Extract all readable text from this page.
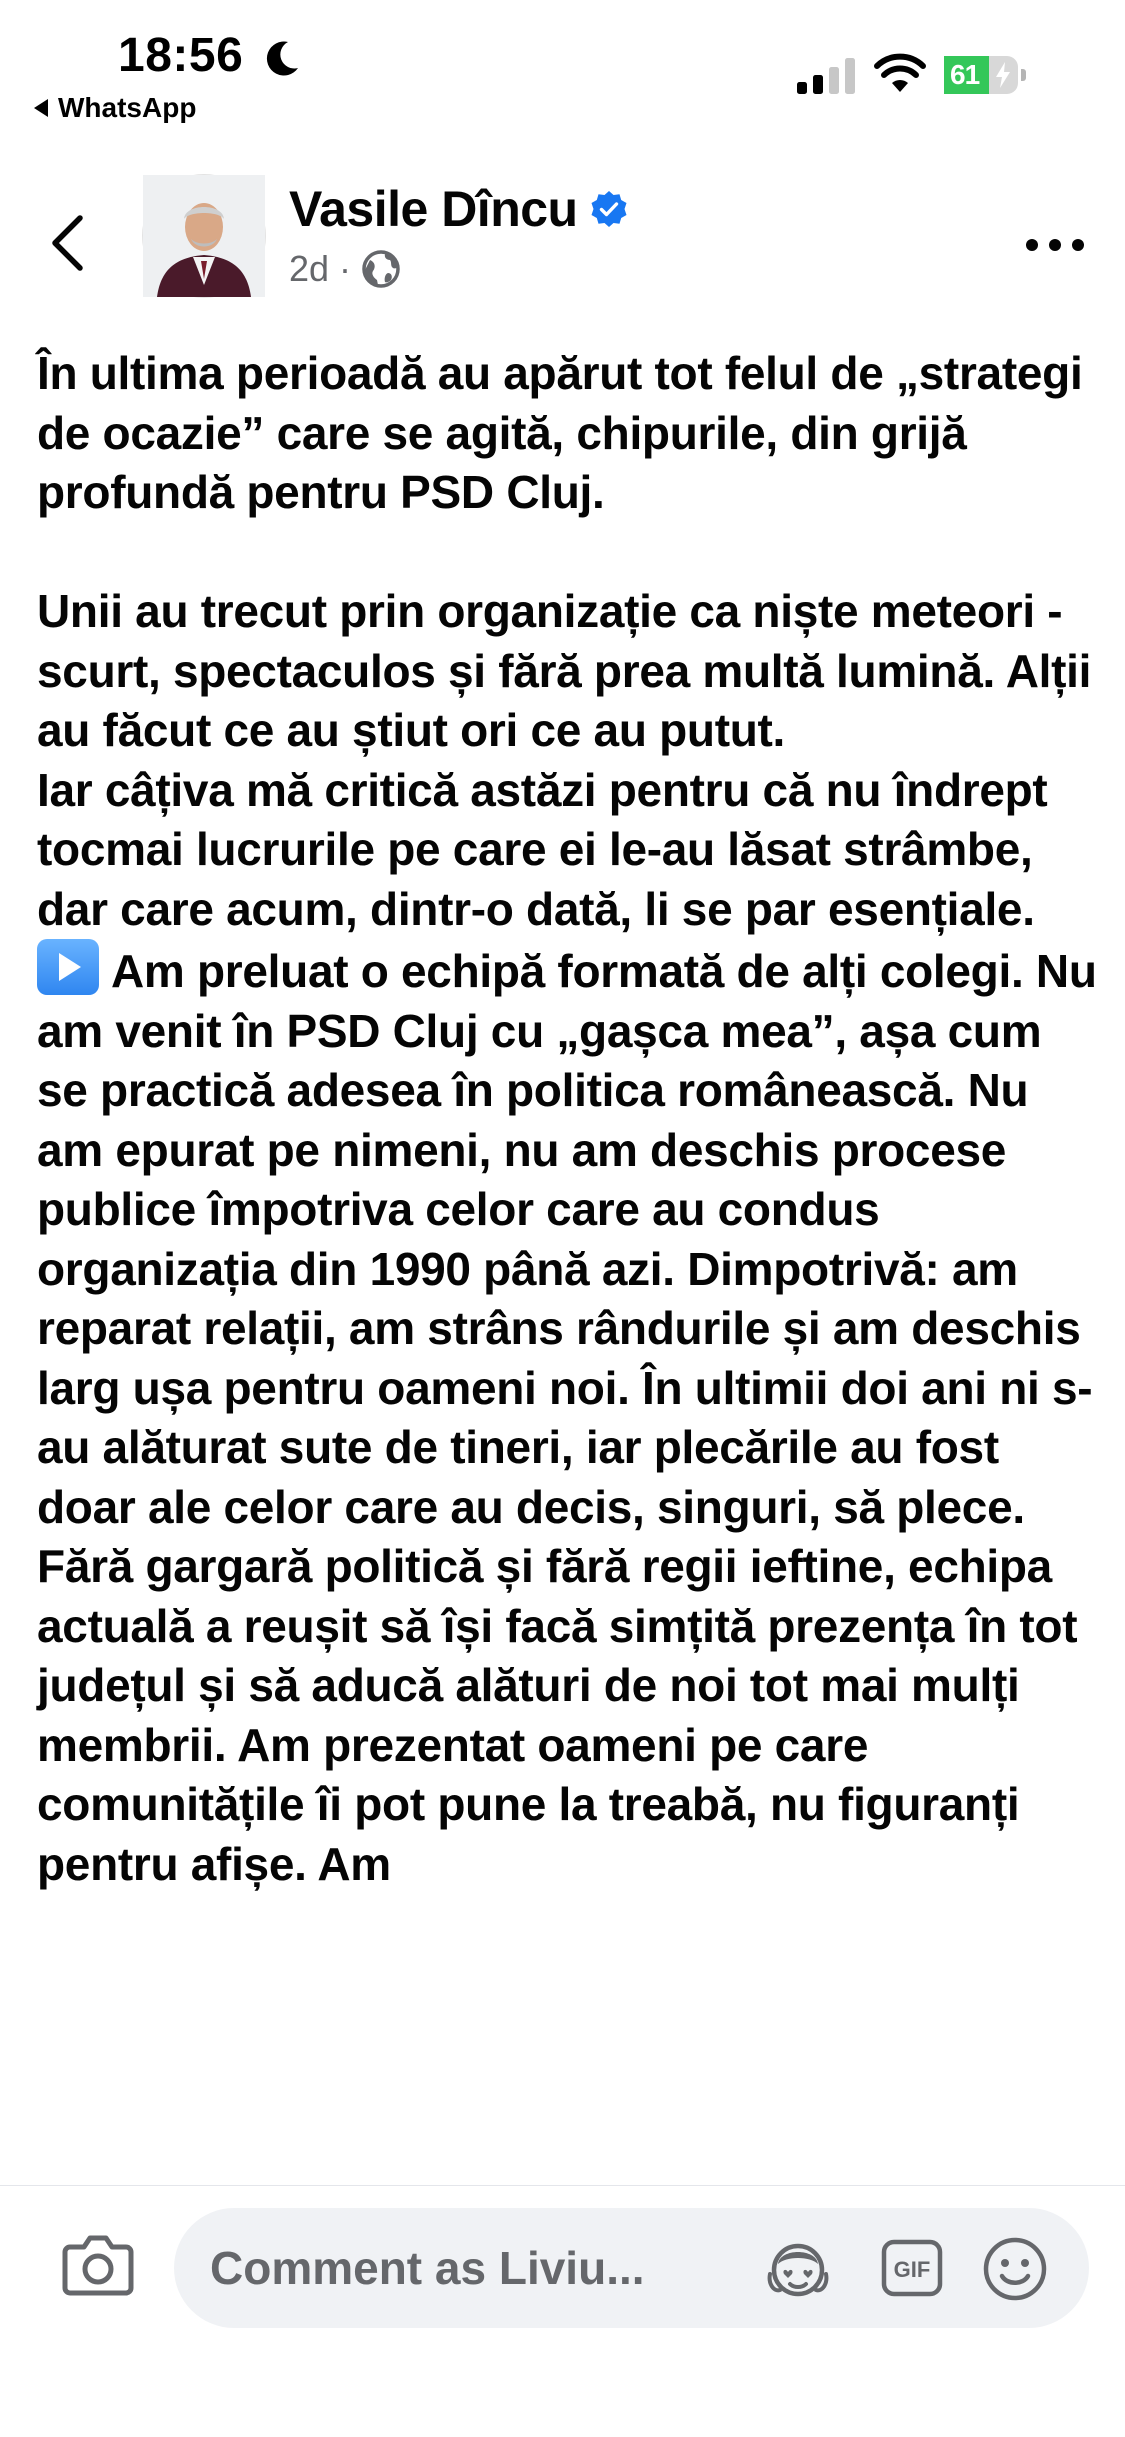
18:56
WhatsApp
61
Vasile Dîncu
2d ·

În ultima perioadă au apărut tot felul de „strategi de ocazie” care se agită, chipurile, din grijă profundă pentru PSD Cluj.

Unii au trecut prin organizație ca niște meteori - scurt, spectaculos și fără prea multă lumină. Alții au făcut ce au știut ori ce au putut.

Iar câțiva mă critică astăzi pentru că nu îndrept tocmai lucrurile pe care ei le-au lăsat strâmbe, dar care acum, dintr-o dată, li se par esențiale.

Am preluat o echipă formată de alți colegi. Nu am venit în PSD Cluj cu „gașca mea”, așa cum se practică adesea în politica românească. Nu am epurat pe nimeni, nu am deschis procese publice împotriva celor care au condus organizația din 1990 până azi. Dimpotrivă: am reparat relații, am strâns rândurile și am deschis larg ușa pentru oameni noi. În ultimii doi ani ni s-au alăturat sute de tineri, iar plecările au fost doar ale celor care au decis, singuri, să plece.

Fără gargară politică și fără regii ieftine, echipa actuală a reușit să își facă simțită prezența în tot județul și să aducă alături de noi tot mai mulți membrii. Am prezentat oameni pe care comunitățile îi pot pune la treabă, nu figuranți pentru afișe. Am

Comment as Liviu...
GIF
